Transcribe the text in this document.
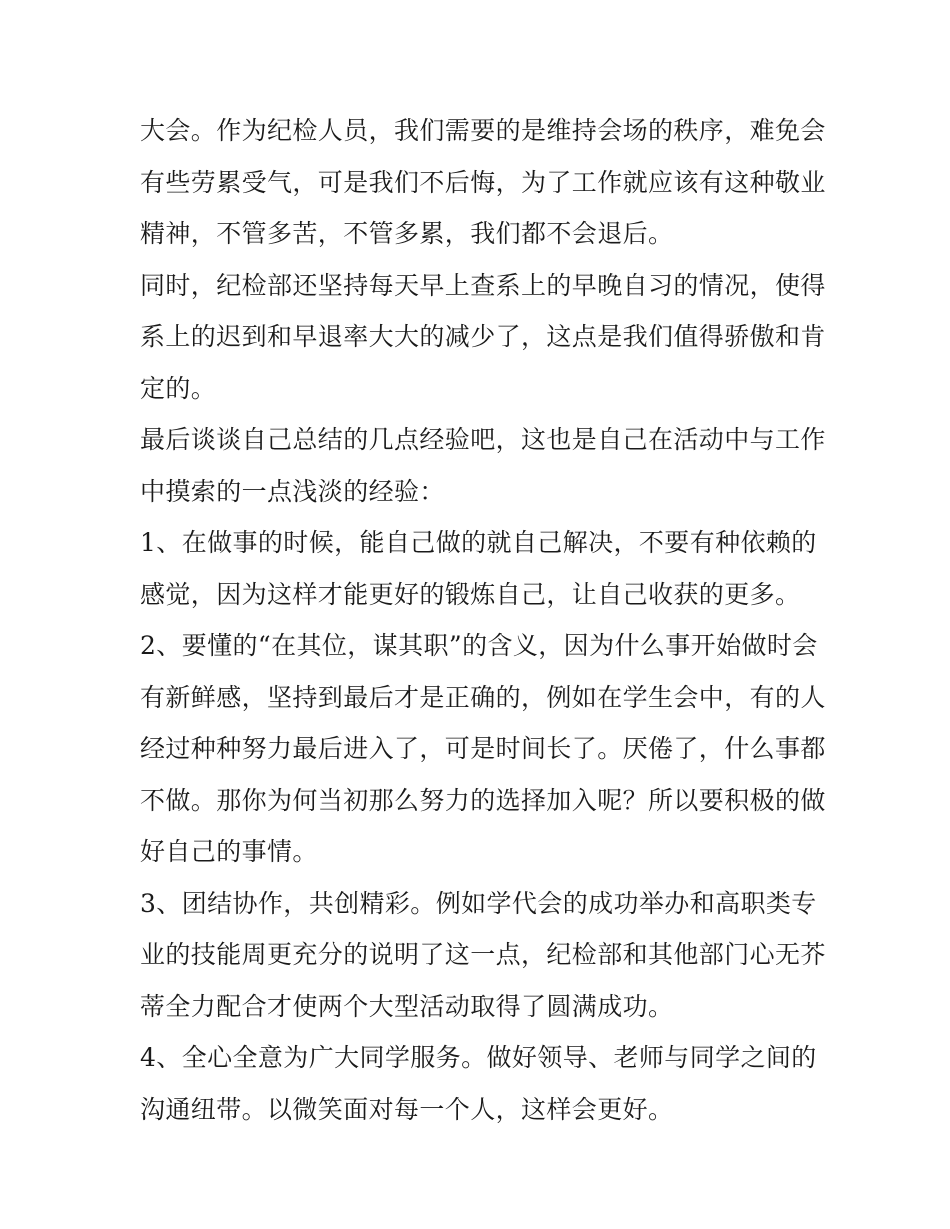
大会。作为纪检人员，我们需要的是维持会场的秩序，难免会
有些劳累受气，可是我们不后悔，为了工作就应该有这种敬业
精神，不管多苦，不管多累，我们都不会退后。
同时，纪检部还坚持每天早上查系上的早晚自习的情况，使得
系上的迟到和早退率大大的减少了，这点是我们值得骄傲和肯
定的。
最后谈谈自己总结的几点经验吧，这也是自己在活动中与工作
中摸索的一点浅淡的经验：
1、在做事的时候，能自己做的就自己解决，不要有种依赖的
感觉，因为这样才能更好的锻炼自己，让自己收获的更多。
2、要懂的“在其位，谋其职”的含义，因为什么事开始做时会
有新鲜感，坚持到最后才是正确的，例如在学生会中，有的人
经过种种努力最后进入了，可是时间长了。厌倦了，什么事都
不做。那你为何当初那么努力的选择加入呢？所以要积极的做
好自己的事情。
3、团结协作，共创精彩。例如学代会的成功举办和高职类专
业的技能周更充分的说明了这一点，纪检部和其他部门心无芥
蒂全力配合才使两个大型活动取得了圆满成功。
4、全心全意为广大同学服务。做好领导、老师与同学之间的
沟通纽带。以微笑面对每一个人，这样会更好。
